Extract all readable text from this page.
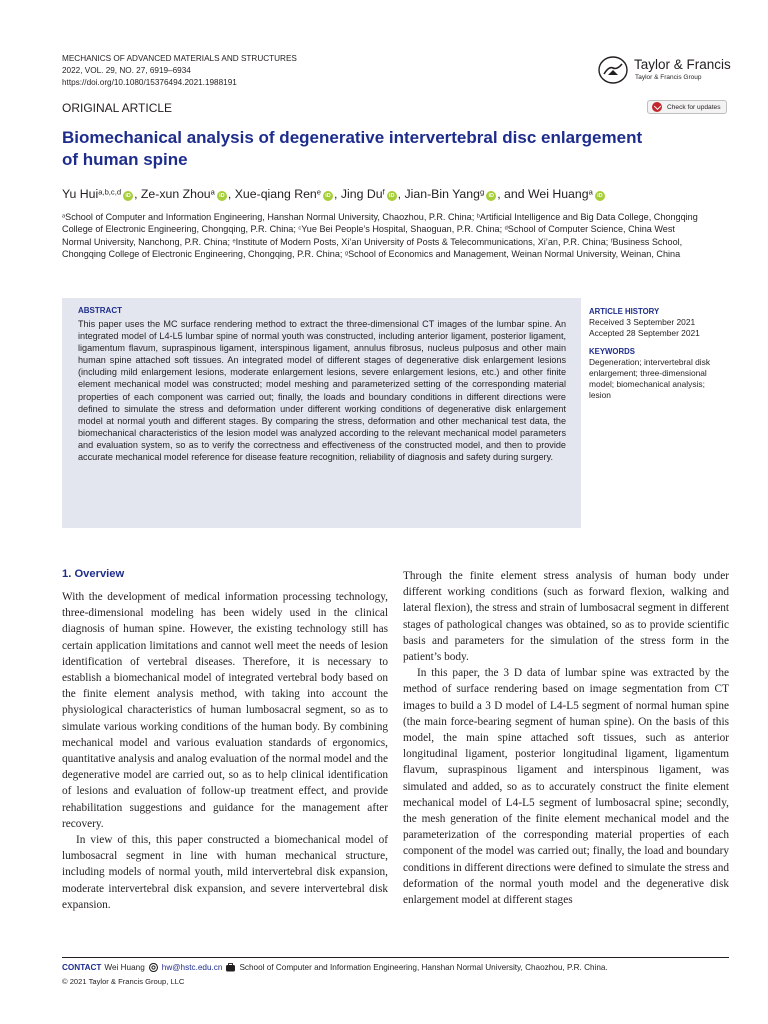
MECHANICS OF ADVANCED MATERIALS AND STRUCTURES
2022, VOL. 29, NO. 27, 6919–6934
https://doi.org/10.1080/15376494.2021.1988191
Taylor & Francis
Taylor & Francis Group
ORIGINAL ARTICLE	Check for updates
Biomechanical analysis of degenerative intervertebral disc enlargement of human spine
Yu Hui$^{a,b,c,d}$ iD , Ze-xun Zhou$^a$ iD , Xue-qiang Ren$^e$ iD , Jing Du$^f$ iD , Jian-Bin Yang$^g$ iD , and Wei Huang$^a$ iD
$^a$School of Computer and Information Engineering, Hanshan Normal University, Chaozhou, P.R. China; $^b$Artificial Intelligence and Big Data College, Chongqing College of Electronic Engineering, Chongqing, P.R. China; $^c$Yue Bei People’s Hospital, Shaoguan, P.R. China; $^d$School of Computer Science, China West Normal University, Nanchong, P.R. China; $^e$Institute of Modern Posts, Xi’an University of Posts & Telecommunications, Xi’an, P.R. China; $^f$Business School, Chongqing College of Electronic Engineering, Chongqing, P.R. China; $^g$School of Economics and Management, Weinan Normal University, Weinan, China
ABSTRACT
This paper uses the MC surface rendering method to extract the three-dimensional CT images of the lumbar spine. An integrated model of L4-L5 lumbar spine of normal youth was constructed, including anterior ligament, posterior ligament, ligamentum flavum, supraspinous ligament, interspinous ligament, annulus fibrosus, nucleus pulposus and other main human spine attached soft tissues. An integrated model of different stages of degenerative disk enlargement lesions (including mild enlargement lesions, moderate enlargement lesions, severe enlargement lesions, etc.) and other finite element mechanical model was constructed; model meshing and parameterized setting of the corresponding material properties of each component was carried out; finally, the loads and boundary conditions in different directions were defined to simulate the stress and deformation under different working conditions of degenerative disk enlargement model at normal youth and different stages. By comparing the stress, deformation and other mechanical test data, the biomechanical characteristics of the lesion model was analyzed according to the relevant mechanical model parameters and evaluation system, so as to verify the correctness and effectiveness of the constructed model, and then to provide accurate mechanical model reference for disease feature recognition, reliability of diagnosis and safety during surgery.
ARTICLE HISTORY
Received 3 September 2021
Accepted 28 September 2021
KEYWORDS
Degeneration; intervertebral disk enlargement; three-dimensional model; biomechanical analysis; lesion
1. Overview

With the development of medical information processing technology, three-dimensional modeling has been widely used in the clinical diagnosis of human spine. However, the existing technology still has certain application limitations and cannot well meet the needs of lesion identification of vertebral diseases. Therefore, it is necessary to establish a biomechanical model of integrated vertebral body based on the finite element analysis method, with taking into account the physiological characteristics of human lumbosacral segment, so as to simulate various working conditions of the human body. By combining mechanical model and various evaluation standards of ergonomics, quantitative analysis and analog evaluation of the normal model and the degenerative model are carried out, so as to help clinical identification of lesions and evaluation of follow-up treatment effect, and provide rehabilitation suggestions and guidance for the management after recovery.

In view of this, this paper constructed a biomechanical model of lumbosacral segment in line with human mechanical structure, including models of normal youth, mild intervertebral disk expansion, moderate intervertebral disk expansion, and severe intervertebral disk expansion.

Through the finite element stress analysis of human body under different working conditions (such as forward flexion, walking and lateral flexion), the stress and strain of lumbosacral segment in different stages of pathological changes was obtained, so as to provide scientific basis and parameters for the simulation of the stress form in the patient’s body.

In this paper, the 3 D data of lumbar spine was extracted by the method of surface rendering based on image segmentation from CT images to build a 3 D model of L4-L5 segment of normal human spine (the main force-bearing segment of human spine). On the basis of this model, the main spine attached soft tissues, such as anterior longitudinal ligament, posterior longitudinal ligament, ligamentum flavum, supraspinous ligament and interspinous ligament, was simulated and added, so as to accurately construct the finite element mechanical model of L4-L5 segment of lumbosacral spine; secondly, the mesh generation of the finite element mechanical model and the parameterization of the corresponding material properties of each component of the model was carried out; finally, the load and boundary conditions in different directions were defined to simulate the stress and deformation of the normal youth model and the degenerative disk enlargement model at different stages

CONTACT Wei Huang hw@hstc.edu.cn School of Computer and Information Engineering, Hanshan Normal University, Chaozhou, P.R. China.
© 2021 Taylor & Francis Group, LLC
